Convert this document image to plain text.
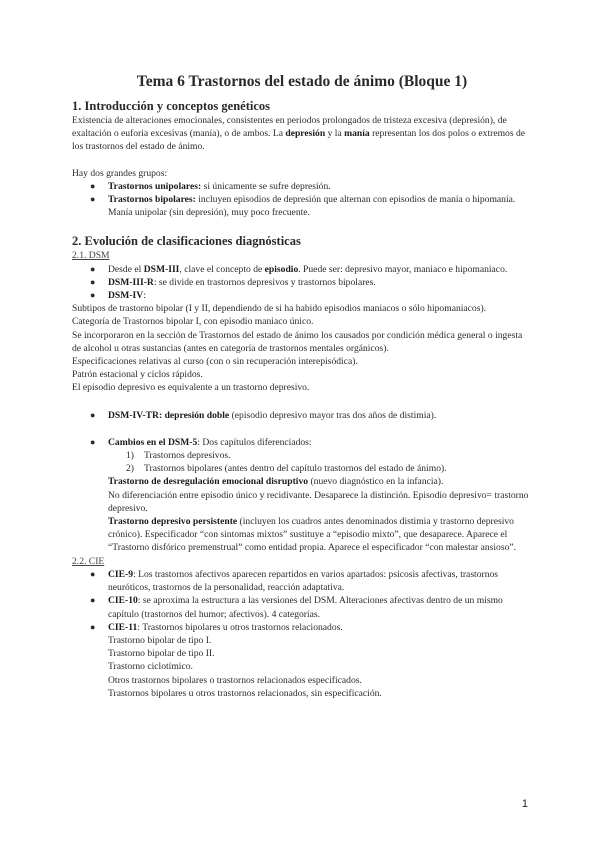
Tema 6 Trastornos del estado de ánimo (Bloque 1)
1. Introducción y conceptos genéticos

Existencia de alteraciones emocionales, consistentes en periodos prolongados de tristeza excesiva (depresión), de exaltación o euforia excesivas (manía), o de ambos. La depresión y la manía representan los dos polos o extremos de los trastornos del estado de ánimo.

Hay dos grandes grupos:

● Trastornos unipolares: si únicamente se sufre depresión.
● Trastornos bipolares: incluyen episodios de depresión que alternan con episodios de manía o hipomanía. Manía unipolar (sin depresión), muy poco frecuente.
2. Evolución de clasificaciones diagnósticas

2.1. DSM

● Desde el DSM-III, clave el concepto de episodio. Puede ser: depresivo mayor, maniaco e hipomaniaco.
● DSM-III-R: se divide en trastornos depresivos y trastornos bipolares.
● DSM-IV:

Subtipos de trastorno bipolar (I y II, dependiendo de si ha habido episodios maniacos o sólo hipomaniacos).

Categoría de Trastornos bipolar I, con episodio maniaco único.

Se incorporaron en la sección de Trastornos del estado de ánimo los causados por condición médica general o ingesta de alcohol u otras sustancias (antes en categoría de trastornos mentales orgánicos).

Especificaciones relativas al curso (con o sin recuperación interepisódica).

Patrón estacional y ciclos rápidos.

El episodio depresivo es equivalente a un trastorno depresivo.

● DSM-IV-TR: depresión doble (episodio depresivo mayor tras dos años de distimia).
● Cambios en el DSM-5: Dos capítulos diferenciados:
1) Trastornos depresivos.
2) Trastornos bipolares (antes dentro del capítulo trastornos del estado de ánimo).

Trastorno de desregulación emocional disruptivo (nuevo diagnóstico en la infancia).

No diferenciación entre episodio único y recidivante. Desaparece la distinción. Episodio depresivo= trastorno depresivo.

Trastorno depresivo persistente (incluyen los cuadros antes denominados distimia y trastorno depresivo crónico). Especificador “con síntomas mixtos” sustituye a “episodio mixto”, que desaparece. Aparece el “Trastorno disfórico premenstrual” como entidad propia. Aparece el especificador “con malestar ansioso”.

2.2. CIE

● CIE-9: Los trastornos afectivos aparecen repartidos en varios apartados: psicosis afectivas, trastornos neuróticos, trastornos de la personalidad, reacción adaptativa.
● CIE-10: se aproxima la estructura a las versiones del DSM. Alteraciones afectivas dentro de un mismo capítulo (trastornos del humor; afectivos). 4 categorías.
● CIE-11: Trastornos bipolares u otros trastornos relacionados.

Trastorno bipolar de tipo I.

Trastorno bipolar de tipo II.

Trastorno ciclotímico.

Otros trastornos bipolares o trastornos relacionados especificados.

Trastornos bipolares u otros trastornos relacionados, sin especificación.

1
